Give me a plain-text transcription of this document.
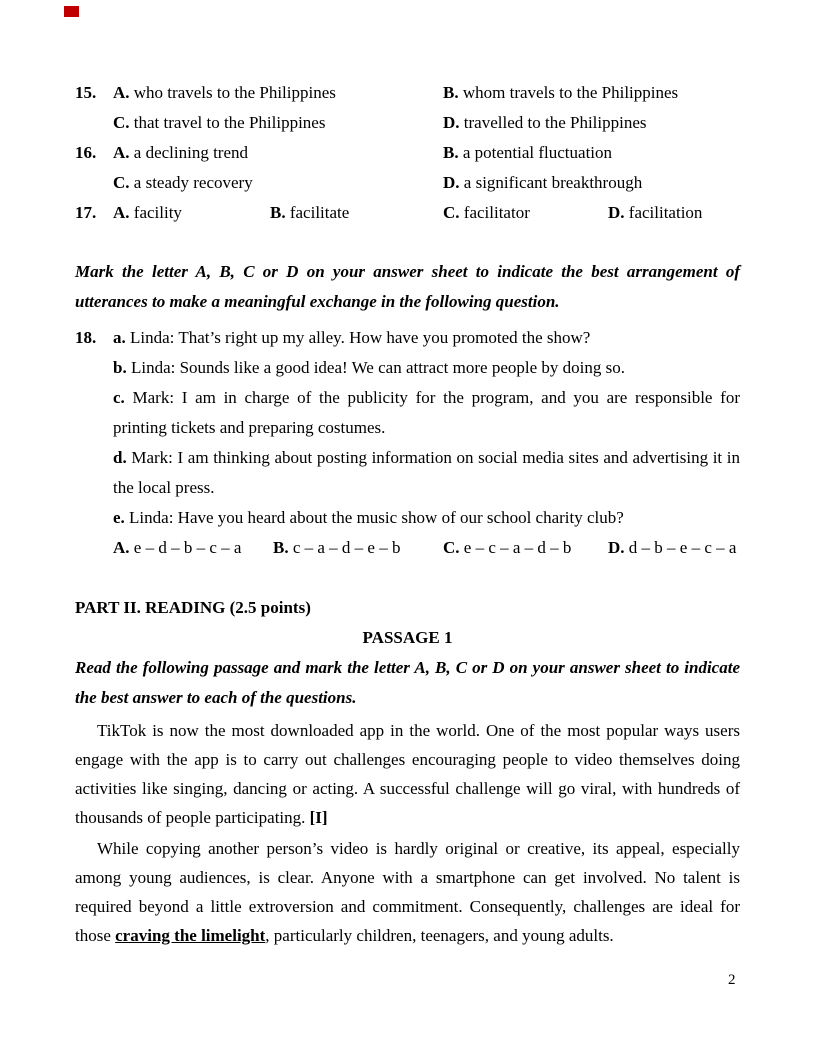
15. A. who travels to the Philippines	B. whom travels to the Philippines
C. that travel to the Philippines	D. travelled to the Philippines
16. A. a declining trend	B. a potential fluctuation
C. a steady recovery	D. a significant breakthrough
17. A. facility	B. facilitate	C. facilitator	D. facilitation

Mark the letter A, B, C or D on your answer sheet to indicate the best arrangement of utterances to make a meaningful exchange in the following question.

18. a. Linda: That’s right up my alley. How have you promoted the show?
b. Linda: Sounds like a good idea! We can attract more people by doing so.
c. Mark: I am in charge of the publicity for the program, and you are responsible for printing tickets and preparing costumes.
d. Mark: I am thinking about posting information on social media sites and advertising it in the local press.
e. Linda: Have you heard about the music show of our school charity club?
A. e – d – b – c – a	B. c – a – d – e – b	C. e – c – a – d – b	D. d – b – e – c – a
PART II. READING (2.5 points)
PASSAGE 1

Read the following passage and mark the letter A, B, C or D on your answer sheet to indicate the best answer to each of the questions.

TikTok is now the most downloaded app in the world. One of the most popular ways users engage with the app is to carry out challenges encouraging people to video themselves doing activities like singing, dancing or acting. A successful challenge will go viral, with hundreds of thousands of people participating. [I]

While copying another person’s video is hardly original or creative, its appeal, especially among young audiences, is clear. Anyone with a smartphone can get involved. No talent is required beyond a little extroversion and commitment. Consequently, challenges are ideal for those craving the limelight, particularly children, teenagers, and young adults.

2
